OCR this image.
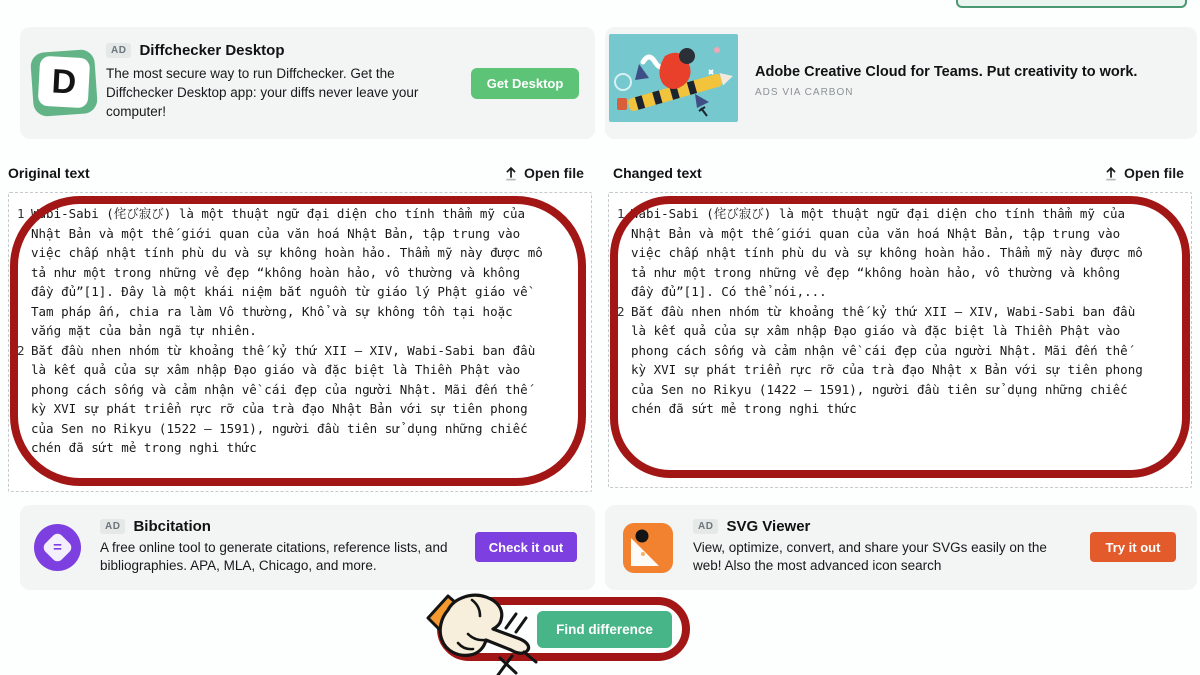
D
AD Diffchecker Desktop
The most secure way to run Diffchecker. Get the Diffchecker Desktop app: your diffs never leave your computer!
Get Desktop
Adobe Creative Cloud for Teams. Put creativity to work.
ADS VIA CARBON
Original text	Open file Changed text	Open file
1 Wabi-Sabi (侘び寂び) là một thuật ngữ đại diện cho tính thẩm mỹ của
Nhật Bản và một thế giới quan của văn hoá Nhật Bản, tập trung vào
việc chấp nhật tính phù du và sự không hoàn hảo. Thẩm mỹ này được mô
tả như một trong những vẻ đẹp “không hoàn hảo, vô thường và không
đầy đủ”[1]. Đây là một khái niệm bắt nguồn từ giáo lý Phật giáo về
Tam pháp ấn, chia ra làm Vô thường, Khổ và sự không tồn tại hoặc
vắng mặt của bản ngã tự nhiên.
2 Bắt đầu nhen nhóm từ khoảng thế kỷ thứ XII – XIV, Wabi-Sabi ban đầu
là kết quả của sự xâm nhập Đạo giáo và đặc biệt là Thiền Phật vào
phong cách sống và cảm nhận về cái đẹp của người Nhật. Mãi đến thế
kỳ XVI sự phát triển rực rỡ của trà đạo Nhật Bản với sự tiên phong
của Sen no Rikyu (1522 – 1591), người đầu tiên sử dụng những chiếc
chén đã sứt mẻ trong nghi thức
1 Wabi-Sabi (侘び寂び) là một thuật ngữ đại diện cho tính thẩm mỹ của
Nhật Bản và một thế giới quan của văn hoá Nhật Bản, tập trung vào
việc chấp nhật tính phù du và sự không hoàn hảo. Thẩm mỹ này được mô
tả như một trong những vẻ đẹp “không hoàn hảo, vô thường và không
đầy đủ”[1]. Có thể nói,...
2 Bắt đầu nhen nhóm từ khoảng thế kỷ thứ XII – XIV, Wabi-Sabi ban đầu
là kết quả của sự xâm nhập Đạo giáo và đặc biệt là Thiền Phật vào
phong cách sống và cảm nhận về cái đẹp của người Nhật. Mãi đến thế
kỳ XVI sự phát triển rực rỡ của trà đạo Nhật x Bản với sự tiên phong
của Sen no Rikyu (1422 – 1591), người đầu tiên sử dụng những chiếc
chén đã sứt mẻ trong nghi thức
=
AD Bibcitation
A free online tool to generate citations, reference lists, and bibliographies. APA, MLA, Chicago, and more.
Check it out
AD SVG Viewer
View, optimize, convert, and share your SVGs easily on the web! Also the most advanced icon search
Try it out
Find difference
